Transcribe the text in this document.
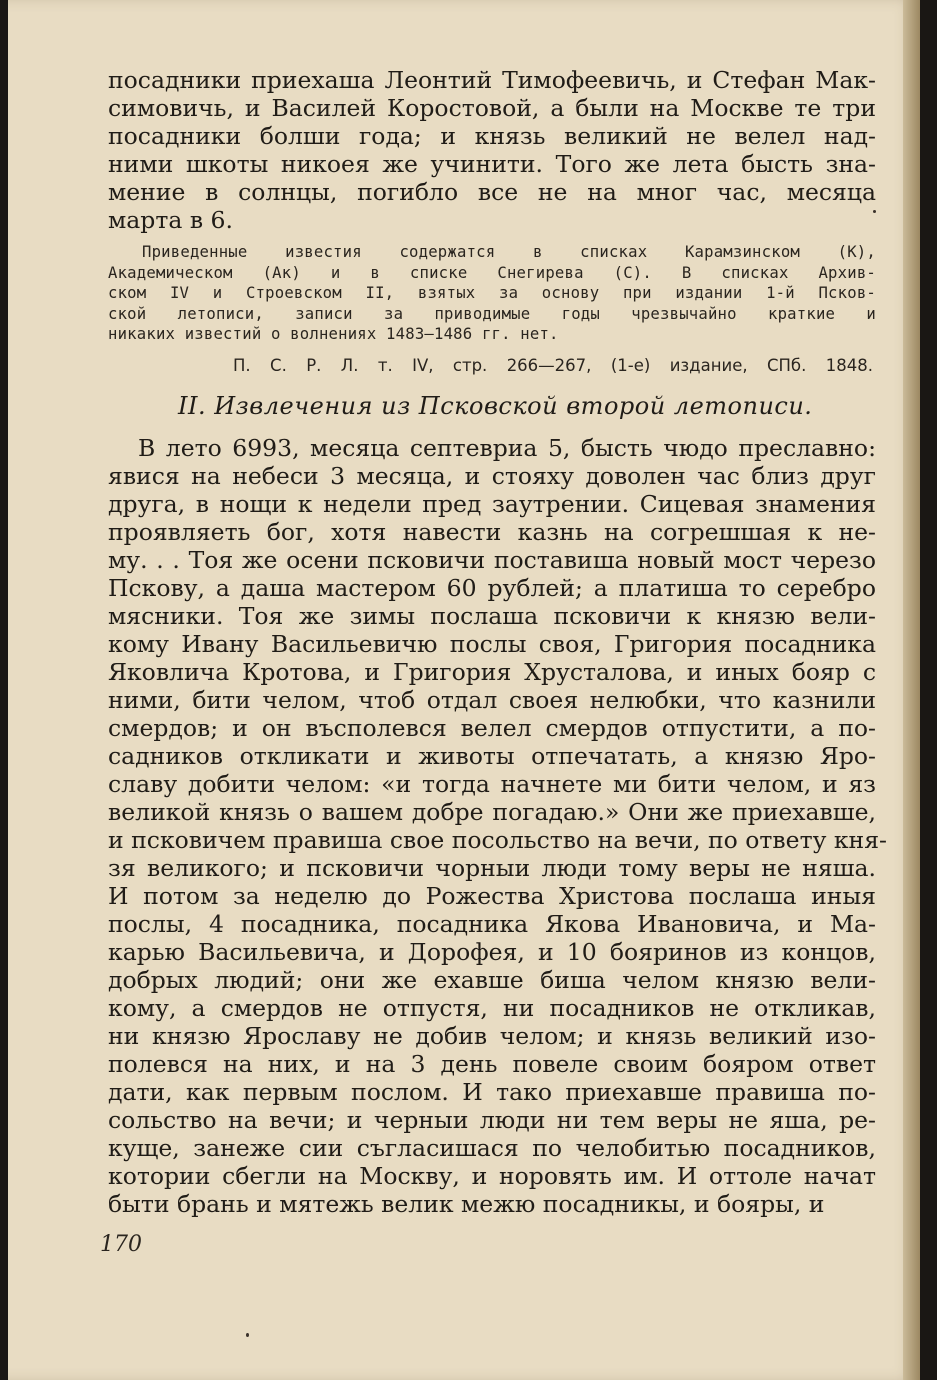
посадники приехаша Леонтий Тимофеевичь, и Стефан Мак-
симовичь, и Василей Коростовой, а были на Москве те три
посадники болши года; и князь великий не велел над-
ними шкоты никоея же учинити. Того же лета бысть зна-
мение в солнцы, погибло все не на мног час, месяца
марта в 6.
Приведенные известия содержатся в списках Карамзинском (К),
Академическом (Ак) и в списке Снегирева (С). В списках Архив-
ском IV и Строевском II, взятых за основу при издании 1-й Псков-
ской летописи, записи за приводимые годы чрезвычайно краткие и
никаких известий о волнениях 1483—1486 гг. нет.
П. С. Р. Л. т. IV, стр. 266—267, (1-е) издание, СПб. 1848.
II. Извлечения из Псковской второй летописи.
В лето 6993, месяца септевриа 5, бысть чюдо преславно:
явися на небеси 3 месяца, и стояху доволен час близ друг
друга, в нощи к недели пред заутрении. Сицевая знамения
проявляеть бог, хотя навести казнь на согрешшая к не-
му. . . Тоя же осени псковичи поставиша новый мост черезо
Пскову, а даша мастером 60 рублей; а платиша то серебро
мясники. Тоя же зимы послаша псковичи к князю вели-
кому Ивану Васильевичю послы своя, Григория посадника
Яковлича Кротова, и Григория Хрусталова, и иных бояр с
ними, бити челом, чтоб отдал своея нелюбки, что казнили
смердов; и он въсполевся велел смердов отпустити, а по-
садников откликати и животы отпечатать, а князю Яро-
славу добити челом: «и тогда начнете ми бити челом, и яз
великой князь о вашем добре погадаю.» Они же приехавше,
и псковичем правиша свое посольство на вечи, по ответу кня-
зя великого; и псковичи чорныи люди тому веры не няша.
И потом за неделю до Рожества Христова послаша иныя
послы, 4 посадника, посадника Якова Ивановича, и Ма-
карью Васильевича, и Дорофея, и 10 бояринов из концов,
добрых людий; они же ехавше биша челом князю вели-
кому, а смердов не отпустя, ни посадников не откликав,
ни князю Ярославу не добив челом; и князь великий изо-
полевся на них, и на 3 день повеле своим бояром ответ
дати, как первым послом. И тако приехавше правиша по-
сольство на вечи; и черныи люди ни тем веры не яша, ре-
кущe, занеже сии съгласишася по челобитью посадников,
котории сбегли на Москву, и норовять им. И оттоле начат
быти брань и мятежь велик межю посадникы, и бояры, и
170
